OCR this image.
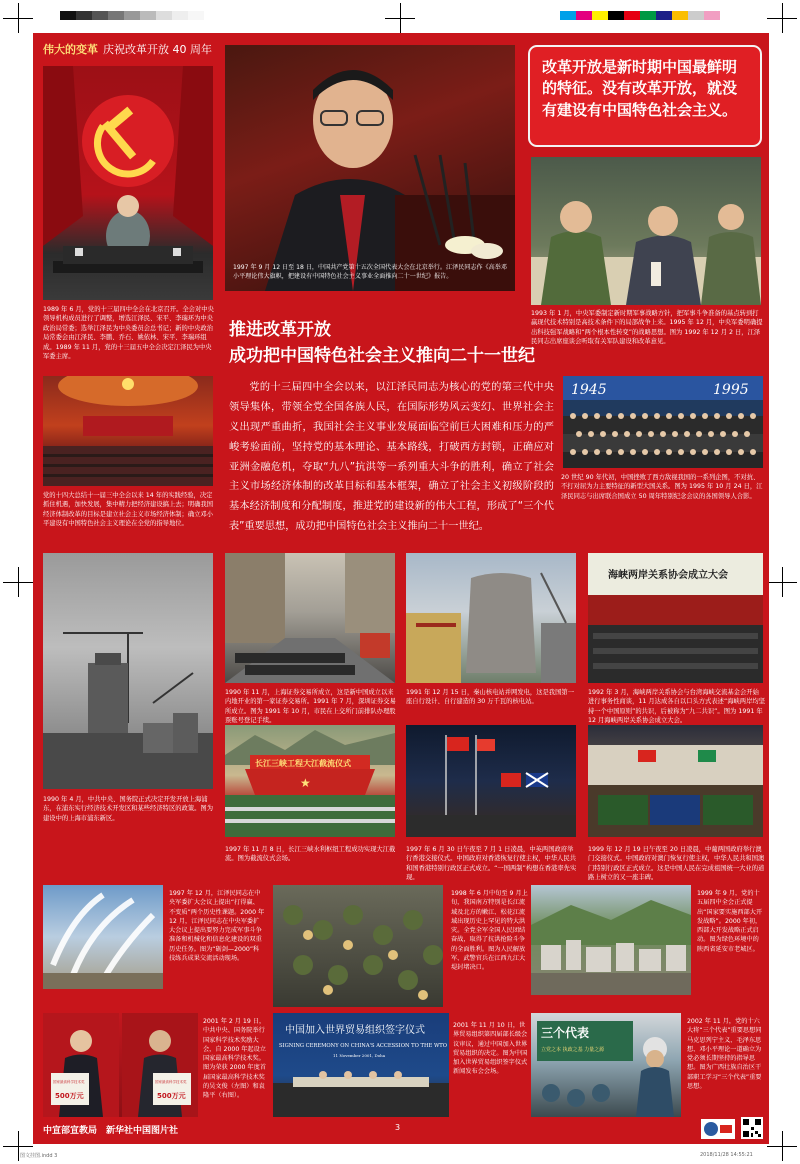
图文挂图.indd 3	2018/11/28 14:55:21
伟大的变革 庆祝改革开放 40 周年
1989 年 6 月，党的十三届四中全会在北京召开。全会对中央领导机构成员进行了调整，增选江泽民、宋平、李瑞环为中央政治局常委；选举江泽民为中央委员会总书记；新的中央政治局常委会由江泽民、李鹏、乔石、姚依林、宋平、李瑞环组成。1989 年 11 月，党的十三届五中全会决定江泽民为中央军委主席。
1997 年 9 月 12 日至 18 日，中国共产党第十五次全国代表大会在北京举行。江泽民同志作《高举邓小平理论伟大旗帜，把建设有中国特色社会主义事业全面推向二十一世纪》报告。
改革开放是新时期中国最鲜明的特征。没有改革开放，就没有建设有中国特色社会主义。
1993 年 1 月，中央军委制定新时期军事战略方针，把军事斗争准备的基点转到打赢现代技术特别是高技术条件下的局部战争上来。1995 年 12 月，中央军委明确提出科技强军战略和“两个根本性转变”的战略思想。图为 1992 年 12 月 2 日，江泽民同志出席座谈会听取有关军队建设和改革意见。
推进改革开放
成功把中国特色社会主义推向二十一世纪
党的十三届四中全会以来，以江泽民同志为核心的党的第三代中央领导集体，带领全党全国各族人民，在国际形势风云变幻、世界社会主义出现严重曲折，我国社会主义事业发展面临空前巨大困难和压力的严峻考验面前，坚持党的基本理论、基本路线，打破西方封锁，正确应对亚洲金融危机，夺取“九八”抗洪等一系列重大斗争的胜利，确立了社会主义市场经济体制的改革目标和基本框架，确立了社会主义初级阶段的基本经济制度和分配制度，推进党的建设新的伟大工程，形成了“三个代表”重要思想，成功把中国特色社会主义推向二十一世纪。
党的十四大总结十一届三中全会以来 14 年的实践经验，决定抓住机遇，加快发展，集中精力把经济建设搞上去；明确我国经济体制改革的目标是建立社会主义市场经济体制；确立邓小平建设有中国特色社会主义理论在全党的指导地位。
1945	1995
20 世纪 90 年代初，中国挫败了西方敌视我国的一系列企图，不对抗、不打对屈为力主要特征的新型大国关系。图为 1995 年 10 月 24 日，江泽民同志与出席联合国成立 50 周年特别纪念会议的各国领导人合影。
1990 年 4 月，中共中央、国务院正式决定开发开放上海浦东，在浦东实行经济技术开发区和某些经济特区的政策。图为建设中的上海市浦东新区。
1990 年 11 月，上海证券交易所成立，这是新中国成立以来内地开业的第一家证券交易所。1991 年 7 月，深圳证券交易所成立。图为 1991 年 10 月，市民在上交所门前排队办理股票账号登记手续。
1991 年 12 月 15 日，秦山核电站并网发电，这是我国第一座自行设计、自行建造的 30 万千瓦的核电站。
海峡两岸关系协会成立大会
1992 年 3 月，海峡两岸关系协会与台湾海峡交流基金会开始进行事务性商谈，11 月达成各自以口头方式表述“海峡两岸均坚持一个中国原则”的共识，后被称为“九二共识”。图为 1991 年 12 月海峡两岸关系协会成立大会。
长江三峡工程大江截流仪式
★
1997 年 11 月 8 日，长江三峡水利枢纽工程成功实现大江截流。图为截流仪式会场。
1997 年 6 月 30 日午夜至 7 月 1 日凌晨，中英两国政府举行香港交接仪式。中国政府对香港恢复行使主权，中华人民共和国香港特别行政区正式成立。“一国两制”构想在香港率先实现。
1999 年 12 月 19 日午夜至 20 日凌晨，中葡两国政府举行澳门交接仪式。中国政府对澳门恢复行使主权，中华人民共和国澳门特别行政区正式成立。这是中国人民在完成祖国统一大业的道路上树立的又一座丰碑。
1997 年 12 月，江泽民同志在中央军委扩大会议上提出“打得赢、不变质”两个历史性课题。2000 年 12 月，江泽民同志在中央军委扩大会议上提出要努力完成军事斗争准备和机械化和信息化建设的双重历史任务。图为“砺剑—2000”科技练兵成果交流活动现场。
1998 年 6 月中旬至 9 月上旬，我国南方特别是长江流域及北方的嫩江、松花江流域出现历史上罕见的特大洪灾。全党全军全国人民团结奋战，取得了抗洪抢险斗争的全面胜利。图为人民解放军、武警官兵在江西九江大堤封堵决口。
1999 年 9 月，党的十五届四中全会正式提出“国家要实施西部大开发战略”。2000 年初，西部大开发战略正式启动。图为绿色环境中的陕西省延安市老城区。
国家最高科学技术奖
500万元
国家最高科学技术奖
500万元
2001 年 2 月 19 日，中共中央、国务院举行国家科学技术奖励大会，自 2000 年起设立国家最高科学技术奖。图为荣获 2000 年度首届国家最高科学技术奖的吴文俊（左图）和袁隆平（右图）。
中国加入世界贸易组织签字仪式
SIGNING CEREMONY ON CHINA'S ACCESSION TO THE WTO
11 November 2001, Doha
2001 年 11 月 10 日，世界贸易组织第四届部长级会议审议，通过中国加入世界贸易组织的决定。图为中国加入世界贸易组织签字仪式新闻发布会会场。
三个代表
立党之本 执政之基 力量之源
2002 年 11 月，党的十六大将“三个代表”重要思想同马克思列宁主义、毛泽东思想、邓小平理论一道确立为党必须长期坚持的指导思想。图为广西壮族自治区干部职工学习“三个代表”重要思想。
中宣部宣教局　新华社中国图片社	3
